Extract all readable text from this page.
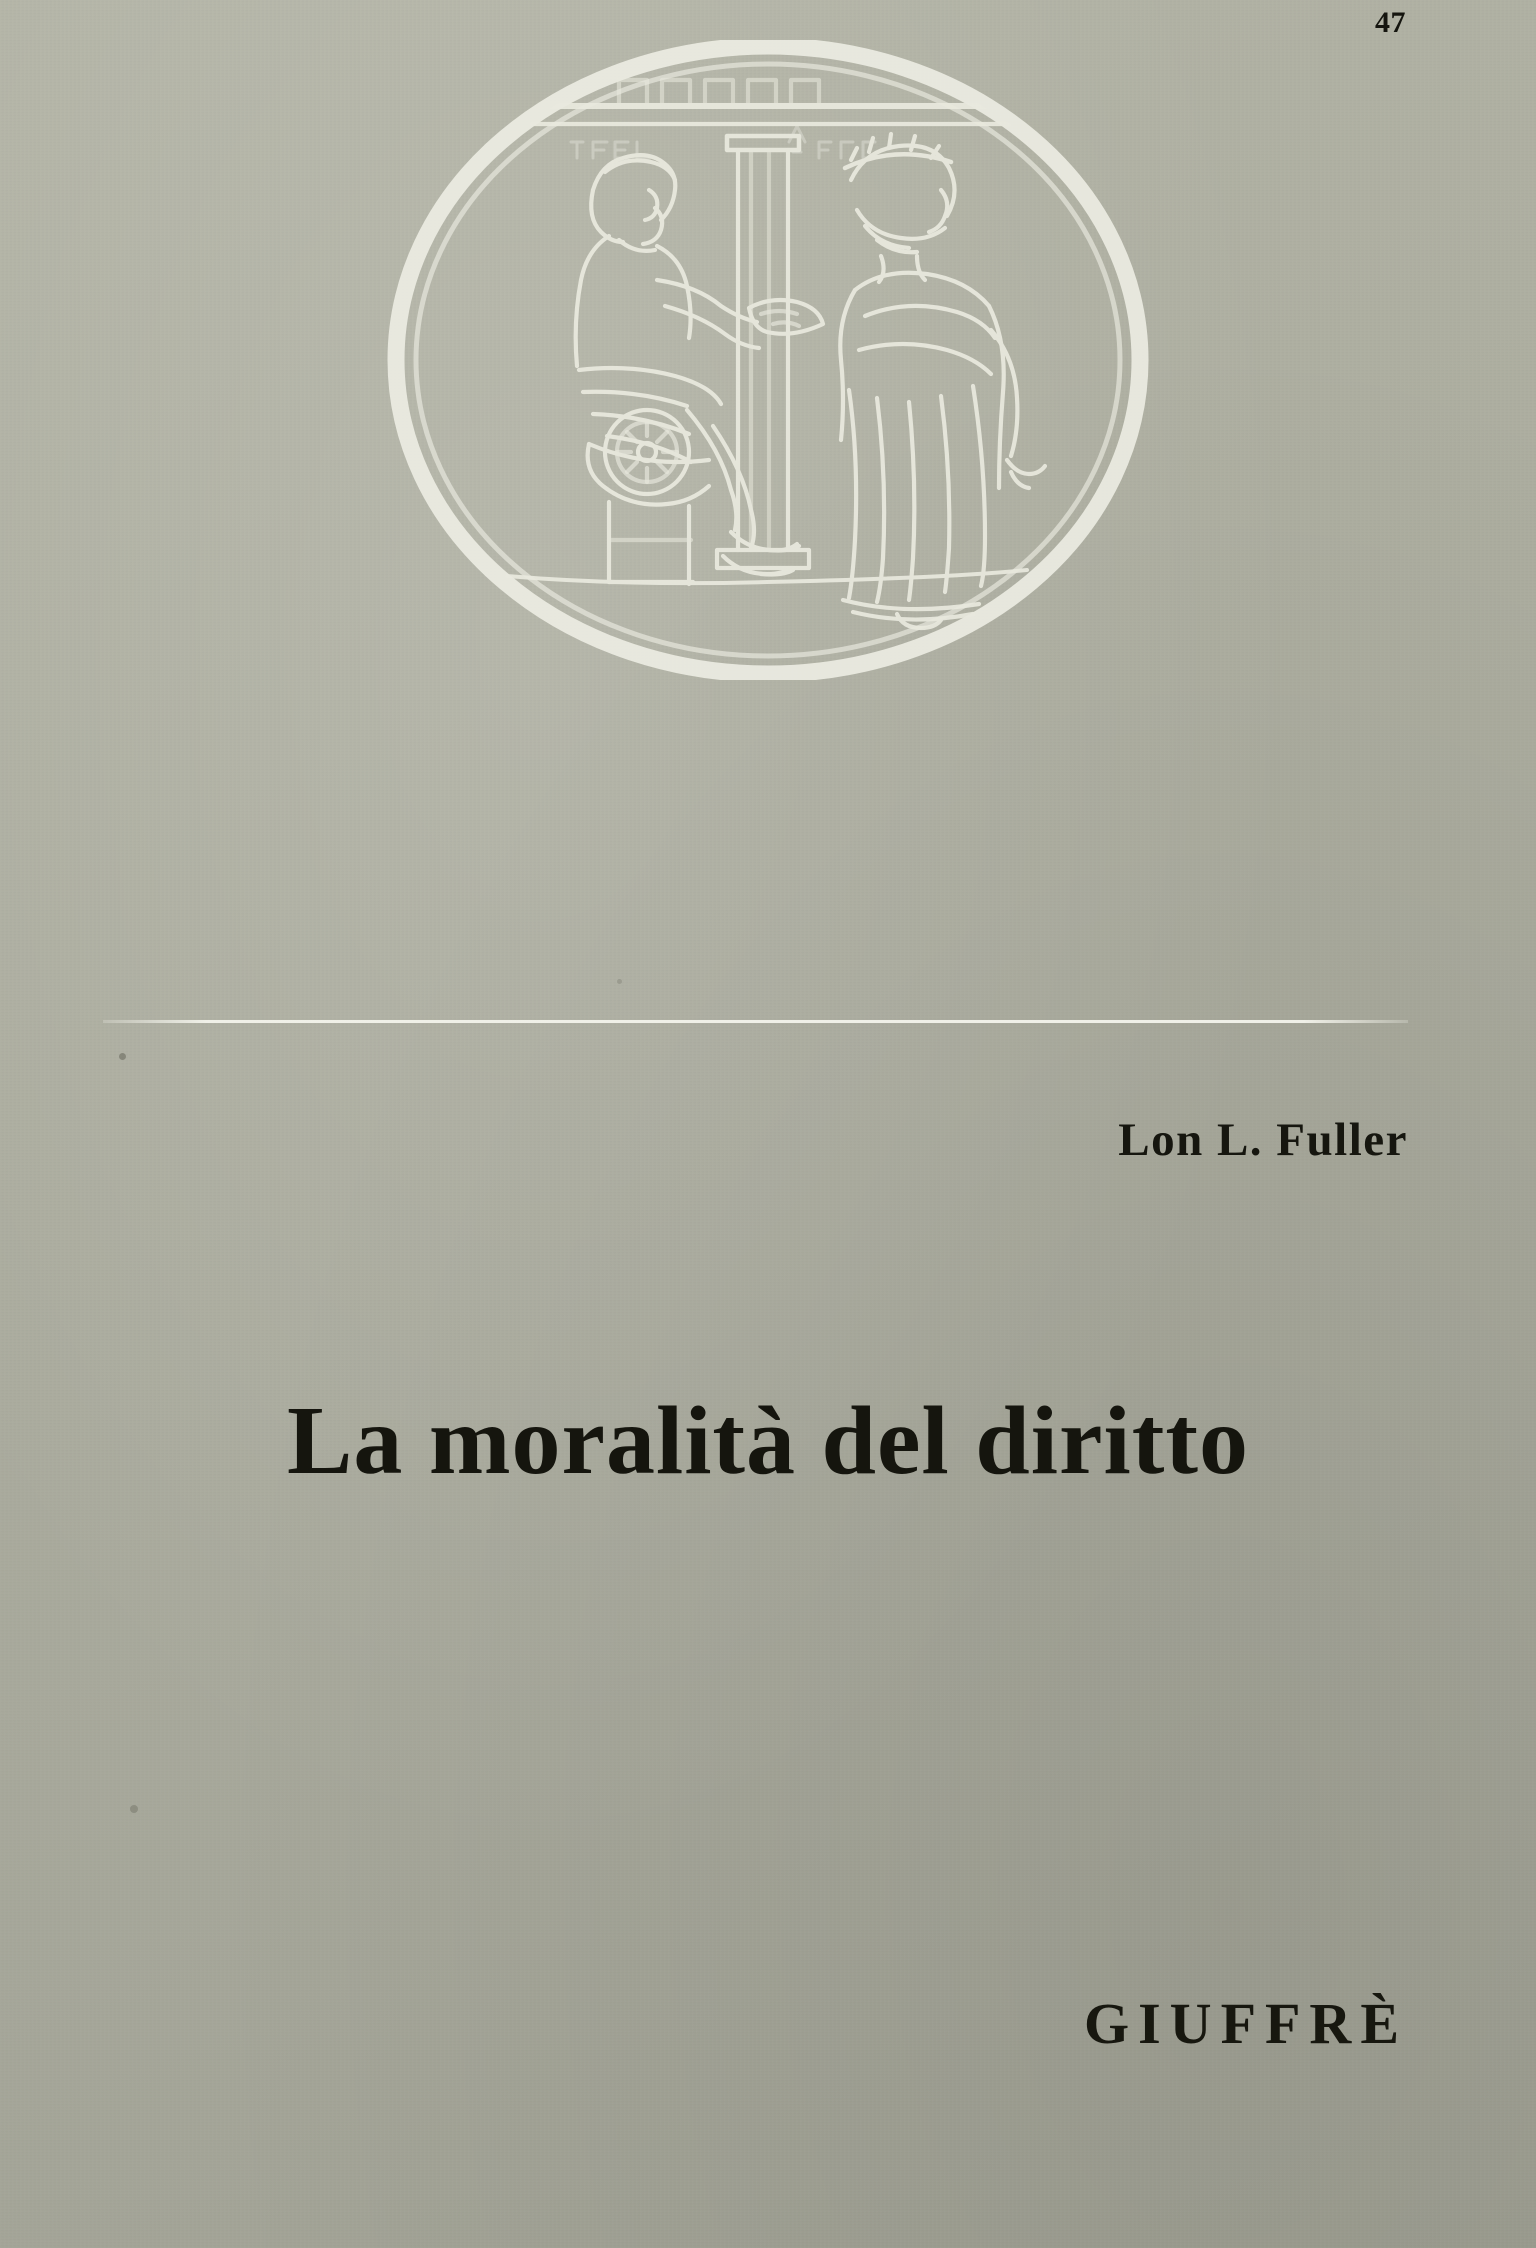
47
Lon L. Fuller
La moralità del diritto
GIUFFRÈ
